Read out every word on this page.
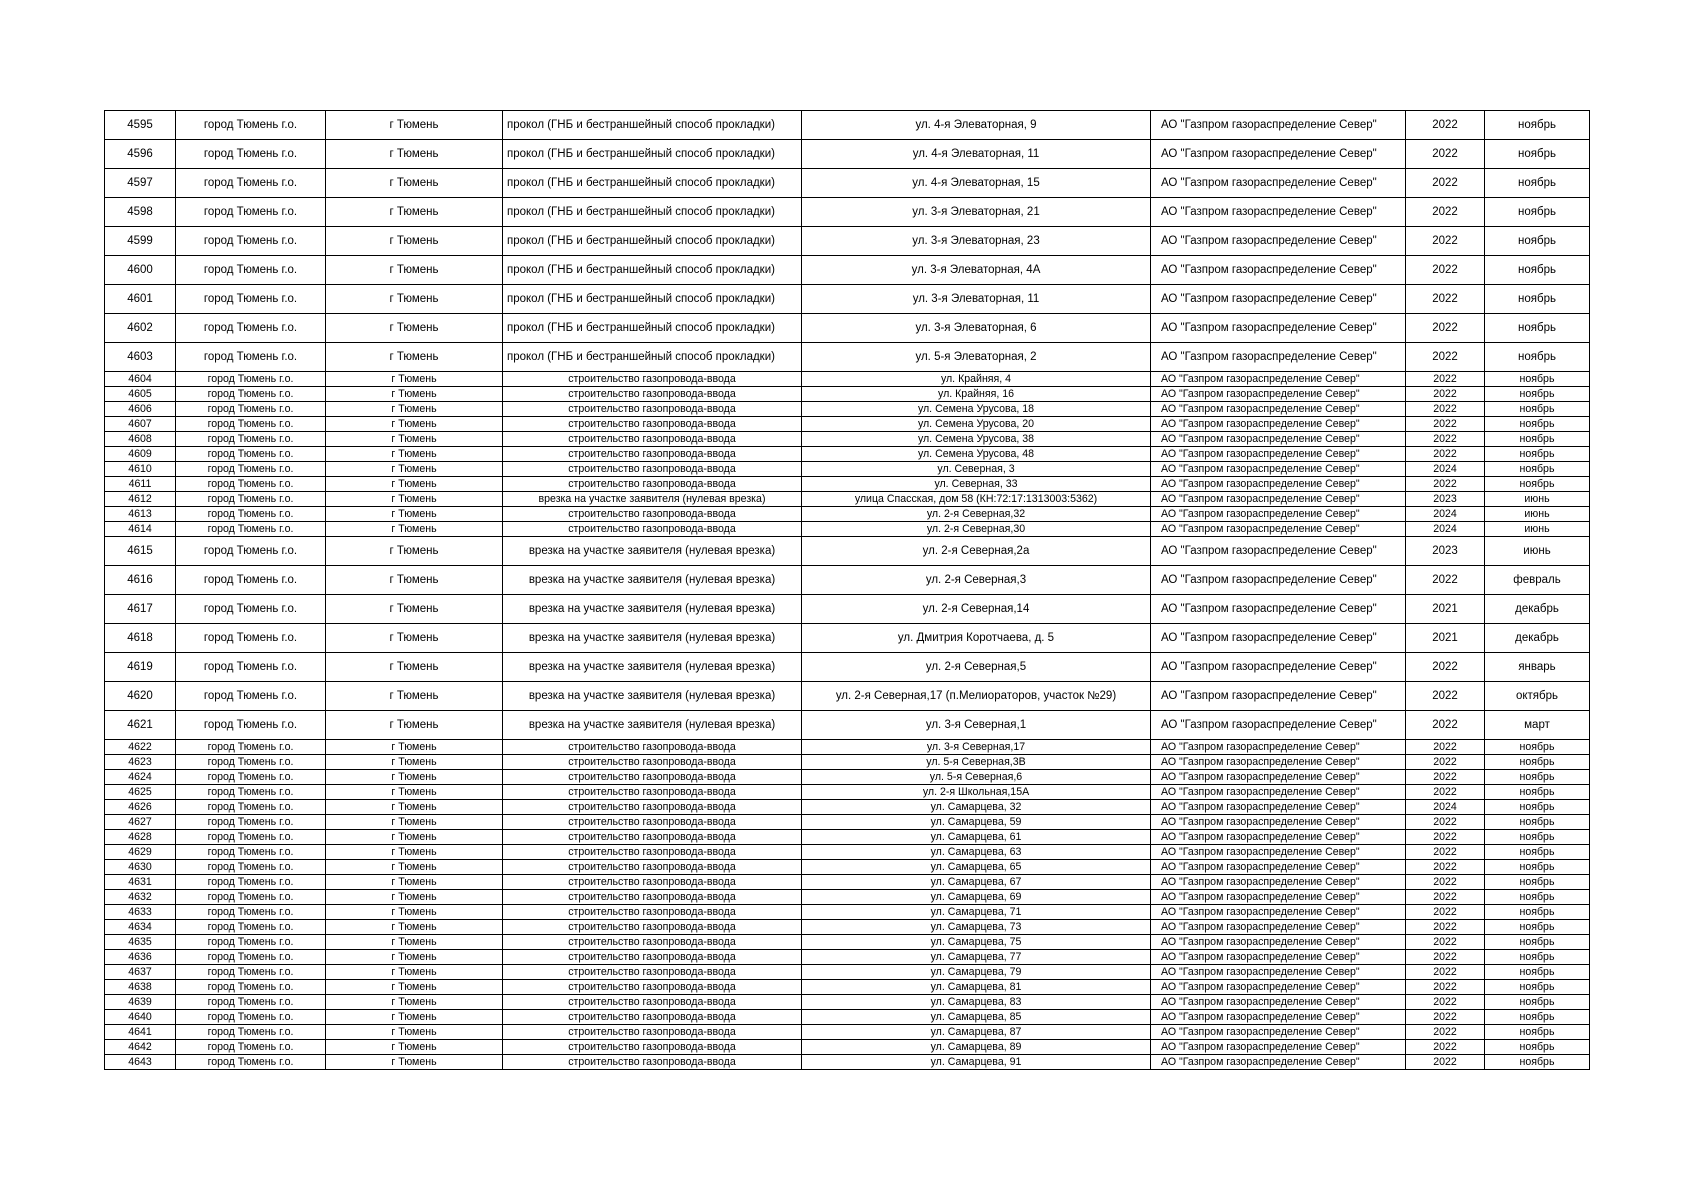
4595	город Тюмень г.о.	г Тюмень	прокол (ГНБ и бестраншейный способ прокладки)	ул. 4-я Элеваторная, 9	АО "Газпром газораспределение Север"	2022	ноябрь
4596	город Тюмень г.о.	г Тюмень	прокол (ГНБ и бестраншейный способ прокладки)	ул. 4-я Элеваторная, 11	АО "Газпром газораспределение Север"	2022	ноябрь
4597	город Тюмень г.о.	г Тюмень	прокол (ГНБ и бестраншейный способ прокладки)	ул. 4-я Элеваторная, 15	АО "Газпром газораспределение Север"	2022	ноябрь
4598	город Тюмень г.о.	г Тюмень	прокол (ГНБ и бестраншейный способ прокладки)	ул. 3-я Элеваторная, 21	АО "Газпром газораспределение Север"	2022	ноябрь
4599	город Тюмень г.о.	г Тюмень	прокол (ГНБ и бестраншейный способ прокладки)	ул. 3-я Элеваторная, 23	АО "Газпром газораспределение Север"	2022	ноябрь
4600	город Тюмень г.о.	г Тюмень	прокол (ГНБ и бестраншейный способ прокладки)	ул. 3-я Элеваторная, 4А	АО "Газпром газораспределение Север"	2022	ноябрь
4601	город Тюмень г.о.	г Тюмень	прокол (ГНБ и бестраншейный способ прокладки)	ул. 3-я Элеваторная, 11	АО "Газпром газораспределение Север"	2022	ноябрь
4602	город Тюмень г.о.	г Тюмень	прокол (ГНБ и бестраншейный способ прокладки)	ул. 3-я Элеваторная, 6	АО "Газпром газораспределение Север"	2022	ноябрь
4603	город Тюмень г.о.	г Тюмень	прокол (ГНБ и бестраншейный способ прокладки)	ул. 5-я Элеваторная, 2	АО "Газпром газораспределение Север"	2022	ноябрь
4604	город Тюмень г.о.	г Тюмень	строительство газопровода-ввода	ул. Крайняя, 4	АО "Газпром газораспределение Север"	2022	ноябрь
4605	город Тюмень г.о.	г Тюмень	строительство газопровода-ввода	ул. Крайняя, 16	АО "Газпром газораспределение Север"	2022	ноябрь
4606	город Тюмень г.о.	г Тюмень	строительство газопровода-ввода	ул. Семена Урусова, 18	АО "Газпром газораспределение Север"	2022	ноябрь
4607	город Тюмень г.о.	г Тюмень	строительство газопровода-ввода	ул. Семена Урусова, 20	АО "Газпром газораспределение Север"	2022	ноябрь
4608	город Тюмень г.о.	г Тюмень	строительство газопровода-ввода	ул. Семена Урусова, 38	АО "Газпром газораспределение Север"	2022	ноябрь
4609	город Тюмень г.о.	г Тюмень	строительство газопровода-ввода	ул. Семена Урусова, 48	АО "Газпром газораспределение Север"	2022	ноябрь
4610	город Тюмень г.о.	г Тюмень	строительство газопровода-ввода	ул. Северная, 3	АО "Газпром газораспределение Север"	2024	ноябрь
4611	город Тюмень г.о.	г Тюмень	строительство газопровода-ввода	ул. Северная, 33	АО "Газпром газораспределение Север"	2022	ноябрь
4612	город Тюмень г.о.	г Тюмень	врезка на участке заявителя (нулевая врезка)	улица Спасская, дом 58 (КН:72:17:1313003:5362)	АО "Газпром газораспределение Север"	2023	июнь
4613	город Тюмень г.о.	г Тюмень	строительство газопровода-ввода	ул. 2-я Северная,32	АО "Газпром газораспределение Север"	2024	июнь
4614	город Тюмень г.о.	г Тюмень	строительство газопровода-ввода	ул. 2-я Северная,30	АО "Газпром газораспределение Север"	2024	июнь
4615	город Тюмень г.о.	г Тюмень	врезка на участке заявителя (нулевая врезка)	ул. 2-я Северная,2а	АО "Газпром газораспределение Север"	2023	июнь
4616	город Тюмень г.о.	г Тюмень	врезка на участке заявителя (нулевая врезка)	ул. 2-я Северная,3	АО "Газпром газораспределение Север"	2022	февраль
4617	город Тюмень г.о.	г Тюмень	врезка на участке заявителя (нулевая врезка)	ул. 2-я Северная,14	АО "Газпром газораспределение Север"	2021	декабрь
4618	город Тюмень г.о.	г Тюмень	врезка на участке заявителя (нулевая врезка)	ул. Дмитрия Коротчаева, д. 5	АО "Газпром газораспределение Север"	2021	декабрь
4619	город Тюмень г.о.	г Тюмень	врезка на участке заявителя (нулевая врезка)	ул. 2-я Северная,5	АО "Газпром газораспределение Север"	2022	январь
4620	город Тюмень г.о.	г Тюмень	врезка на участке заявителя (нулевая врезка)	ул. 2-я Северная,17 (п.Мелиораторов, участок №29)	АО "Газпром газораспределение Север"	2022	октябрь
4621	город Тюмень г.о.	г Тюмень	врезка на участке заявителя (нулевая врезка)	ул. 3-я Северная,1	АО "Газпром газораспределение Север"	2022	март
4622	город Тюмень г.о.	г Тюмень	строительство газопровода-ввода	ул. 3-я Северная,17	АО "Газпром газораспределение Север"	2022	ноябрь
4623	город Тюмень г.о.	г Тюмень	строительство газопровода-ввода	ул. 5-я Северная,3В	АО "Газпром газораспределение Север"	2022	ноябрь
4624	город Тюмень г.о.	г Тюмень	строительство газопровода-ввода	ул. 5-я Северная,6	АО "Газпром газораспределение Север"	2022	ноябрь
4625	город Тюмень г.о.	г Тюмень	строительство газопровода-ввода	ул. 2-я Школьная,15А	АО "Газпром газораспределение Север"	2022	ноябрь
4626	город Тюмень г.о.	г Тюмень	строительство газопровода-ввода	ул. Самарцева, 32	АО "Газпром газораспределение Север"	2024	ноябрь
4627	город Тюмень г.о.	г Тюмень	строительство газопровода-ввода	ул. Самарцева, 59	АО "Газпром газораспределение Север"	2022	ноябрь
4628	город Тюмень г.о.	г Тюмень	строительство газопровода-ввода	ул. Самарцева, 61	АО "Газпром газораспределение Север"	2022	ноябрь
4629	город Тюмень г.о.	г Тюмень	строительство газопровода-ввода	ул. Самарцева, 63	АО "Газпром газораспределение Север"	2022	ноябрь
4630	город Тюмень г.о.	г Тюмень	строительство газопровода-ввода	ул. Самарцева, 65	АО "Газпром газораспределение Север"	2022	ноябрь
4631	город Тюмень г.о.	г Тюмень	строительство газопровода-ввода	ул. Самарцева, 67	АО "Газпром газораспределение Север"	2022	ноябрь
4632	город Тюмень г.о.	г Тюмень	строительство газопровода-ввода	ул. Самарцева, 69	АО "Газпром газораспределение Север"	2022	ноябрь
4633	город Тюмень г.о.	г Тюмень	строительство газопровода-ввода	ул. Самарцева, 71	АО "Газпром газораспределение Север"	2022	ноябрь
4634	город Тюмень г.о.	г Тюмень	строительство газопровода-ввода	ул. Самарцева, 73	АО "Газпром газораспределение Север"	2022	ноябрь
4635	город Тюмень г.о.	г Тюмень	строительство газопровода-ввода	ул. Самарцева, 75	АО "Газпром газораспределение Север"	2022	ноябрь
4636	город Тюмень г.о.	г Тюмень	строительство газопровода-ввода	ул. Самарцева, 77	АО "Газпром газораспределение Север"	2022	ноябрь
4637	город Тюмень г.о.	г Тюмень	строительство газопровода-ввода	ул. Самарцева, 79	АО "Газпром газораспределение Север"	2022	ноябрь
4638	город Тюмень г.о.	г Тюмень	строительство газопровода-ввода	ул. Самарцева, 81	АО "Газпром газораспределение Север"	2022	ноябрь
4639	город Тюмень г.о.	г Тюмень	строительство газопровода-ввода	ул. Самарцева, 83	АО "Газпром газораспределение Север"	2022	ноябрь
4640	город Тюмень г.о.	г Тюмень	строительство газопровода-ввода	ул. Самарцева, 85	АО "Газпром газораспределение Север"	2022	ноябрь
4641	город Тюмень г.о.	г Тюмень	строительство газопровода-ввода	ул. Самарцева, 87	АО "Газпром газораспределение Север"	2022	ноябрь
4642	город Тюмень г.о.	г Тюмень	строительство газопровода-ввода	ул. Самарцева, 89	АО "Газпром газораспределение Север"	2022	ноябрь
4643	город Тюмень г.о.	г Тюмень	строительство газопровода-ввода	ул. Самарцева, 91	АО "Газпром газораспределение Север"	2022	ноябрь
